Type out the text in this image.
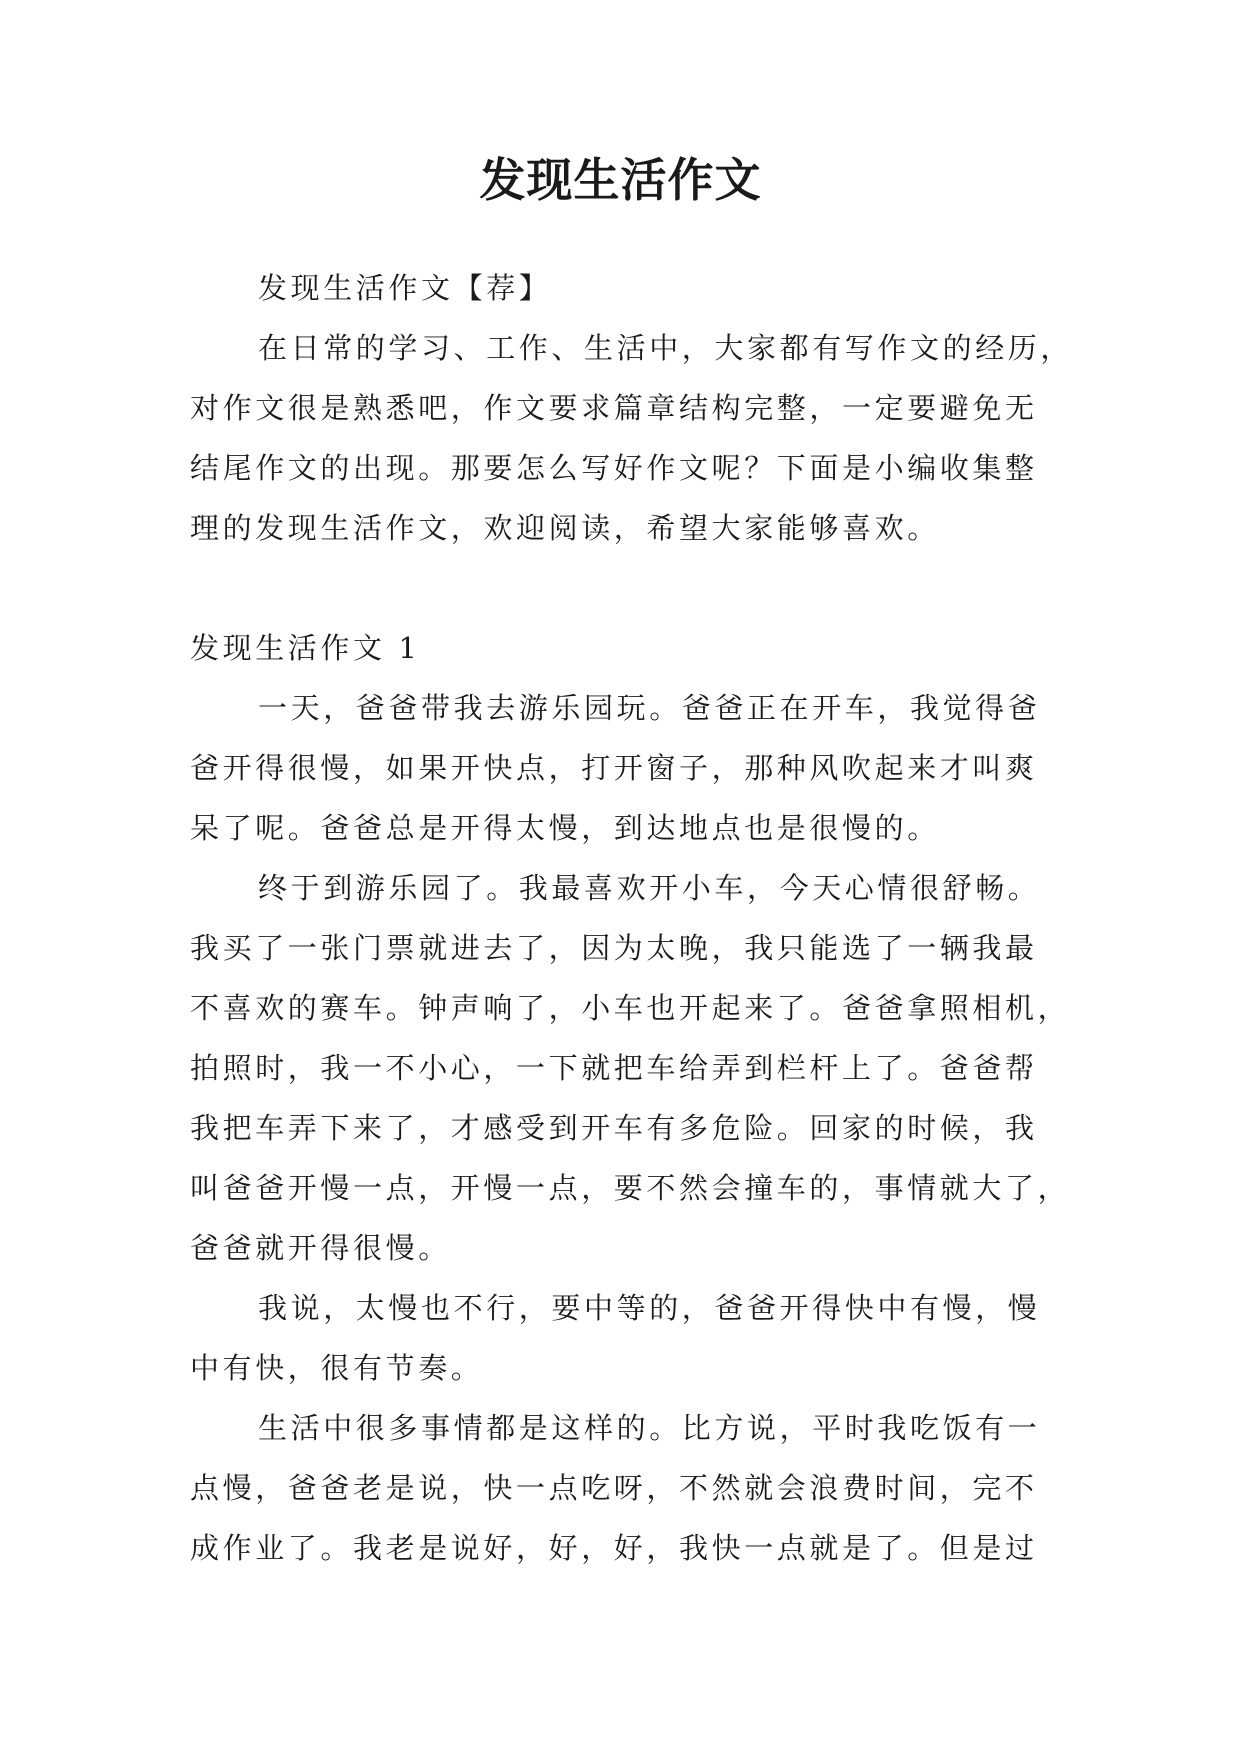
发现生活作文

发现生活作文【荐】

在日常的学习、工作、生活中，大家都有写作文的经历，

对作文很是熟悉吧，作文要求篇章结构完整，一定要避免无

结尾作文的出现。那要怎么写好作文呢？下面是小编收集整

理的发现生活作文，欢迎阅读，希望大家能够喜欢。

发现生活作文 1

一天，爸爸带我去游乐园玩。爸爸正在开车，我觉得爸

爸开得很慢，如果开快点，打开窗子，那种风吹起来才叫爽

呆了呢。爸爸总是开得太慢，到达地点也是很慢的。

终于到游乐园了。我最喜欢开小车，今天心情很舒畅。

我买了一张门票就进去了，因为太晚，我只能选了一辆我最

不喜欢的赛车。钟声响了，小车也开起来了。爸爸拿照相机，

拍照时，我一不小心，一下就把车给弄到栏杆上了。爸爸帮

我把车弄下来了，才感受到开车有多危险。回家的时候，我

叫爸爸开慢一点，开慢一点，要不然会撞车的，事情就大了，

爸爸就开得很慢。

我说，太慢也不行，要中等的，爸爸开得快中有慢，慢

中有快，很有节奏。

生活中很多事情都是这样的。比方说，平时我吃饭有一

点慢，爸爸老是说，快一点吃呀，不然就会浪费时间，完不

成作业了。我老是说好，好，好，我快一点就是了。但是过
